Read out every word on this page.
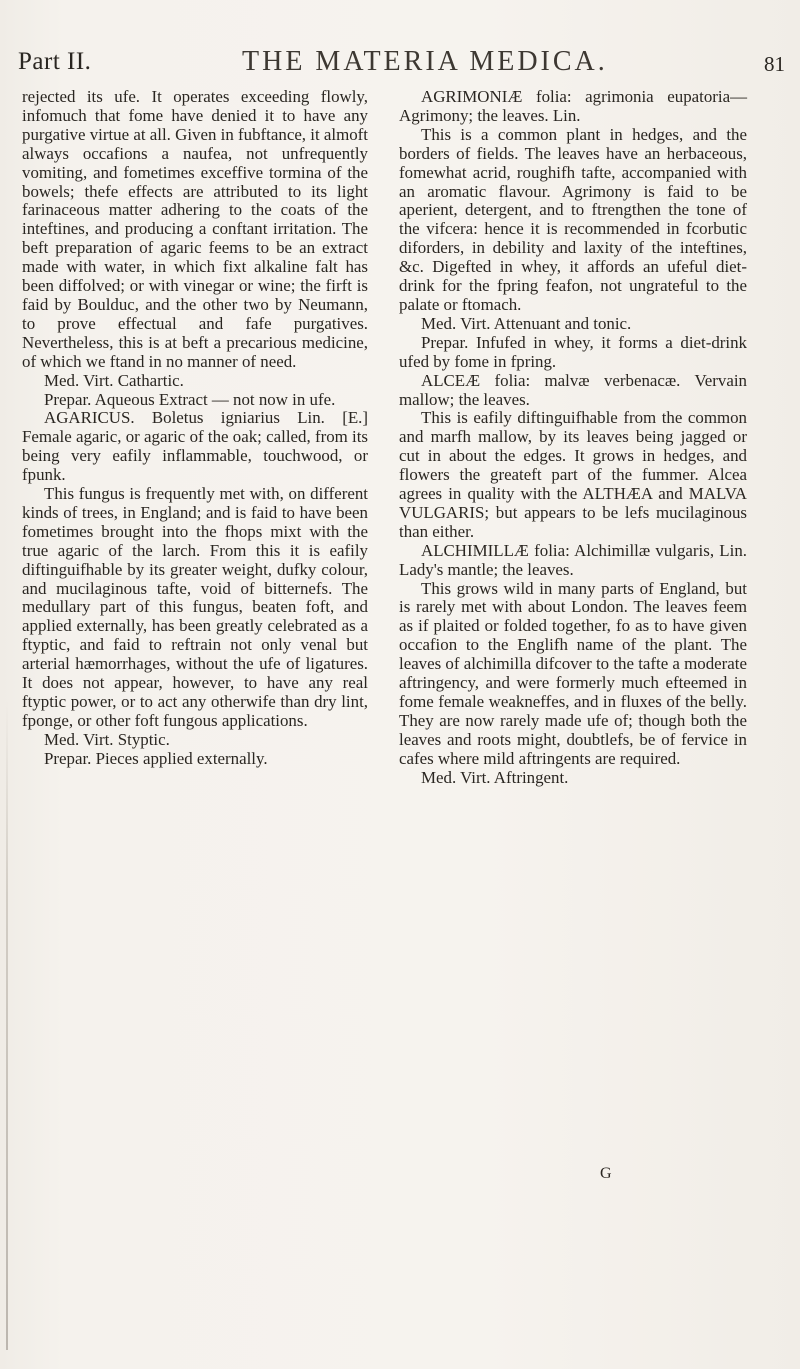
Part II.	THE MATERIA MEDICA.	81

rejected its ufe. It operates exceeding flowly, infomuch that fome have denied it to have any purgative virtue at all. Given in fubftance, it almoft always occafions a naufea, not unfrequently vomiting, and fometimes exceffive tormina of the bowels; thefe effects are attributed to its light farinaceous matter adhering to the coats of the inteftines, and producing a conftant irritation. The beft preparation of agaric feems to be an extract made with water, in which fixt alkaline falt has been diffolved; or with vinegar or wine; the firft is faid by Boulduc, and the other two by Neumann, to prove effectual and fafe purgatives. Nevertheless, this is at beft a precarious medicine, of which we ftand in no manner of need.

Med. Virt. Cathartic.

Prepar. Aqueous Extract — not now in ufe.

AGARICUS. Boletus igniarius Lin. [E.] Female agaric, or agaric of the oak; called, from its being very eafily inflammable, touchwood, or fpunk.

This fungus is frequently met with, on different kinds of trees, in England; and is faid to have been fometimes brought into the fhops mixt with the true agaric of the larch. From this it is eafily diftinguifhable by its greater weight, dufky colour, and mucilaginous tafte, void of bitternefs. The medullary part of this fungus, beaten foft, and applied externally, has been greatly celebrated as a ftyptic, and faid to reftrain not only venal but arterial hæmorrhages, without the ufe of ligatures. It does not appear, however, to have any real ftyptic power, or to act any otherwife than dry lint, fponge, or other foft fungous applications.

Med. Virt. Styptic.

Prepar. Pieces applied externally.

AGRIMONIÆ folia: agrimonia eupatoria—Agrimony; the leaves. Lin.

This is a common plant in hedges, and the borders of fields. The leaves have an herbaceous, fomewhat acrid, roughifh tafte, accompanied with an aromatic flavour. Agrimony is faid to be aperient, detergent, and to ftrengthen the tone of the vifcera: hence it is recommended in fcorbutic diforders, in debility and laxity of the inteftines, &c. Digefted in whey, it affords an ufeful diet-drink for the fpring feafon, not ungrateful to the palate or ftomach.

Med. Virt. Attenuant and tonic.

Prepar. Infufed in whey, it forms a diet-drink ufed by fome in fpring.

ALCEÆ folia: malvæ verbenacæ. Vervain mallow; the leaves.

This is eafily diftinguifhable from the common and marfh mallow, by its leaves being jagged or cut in about the edges. It grows in hedges, and flowers the greateft part of the fummer. Alcea agrees in quality with the ALTHÆA and MALVA VULGARIS; but appears to be lefs mucilaginous than either.

ALCHIMILLÆ folia: Alchimillæ vulgaris, Lin. Lady's mantle; the leaves.

This grows wild in many parts of England, but is rarely met with about London. The leaves feem as if plaited or folded together, fo as to have given occafion to the Englifh name of the plant. The leaves of alchimilla difcover to the tafte a moderate aftringency, and were formerly much efteemed in fome female weakneffes, and in fluxes of the belly. They are now rarely made ufe of; though both the leaves and roots might, doubtlefs, be of fervice in cafes where mild aftringents are required.

Med. Virt. Aftringent.

G
